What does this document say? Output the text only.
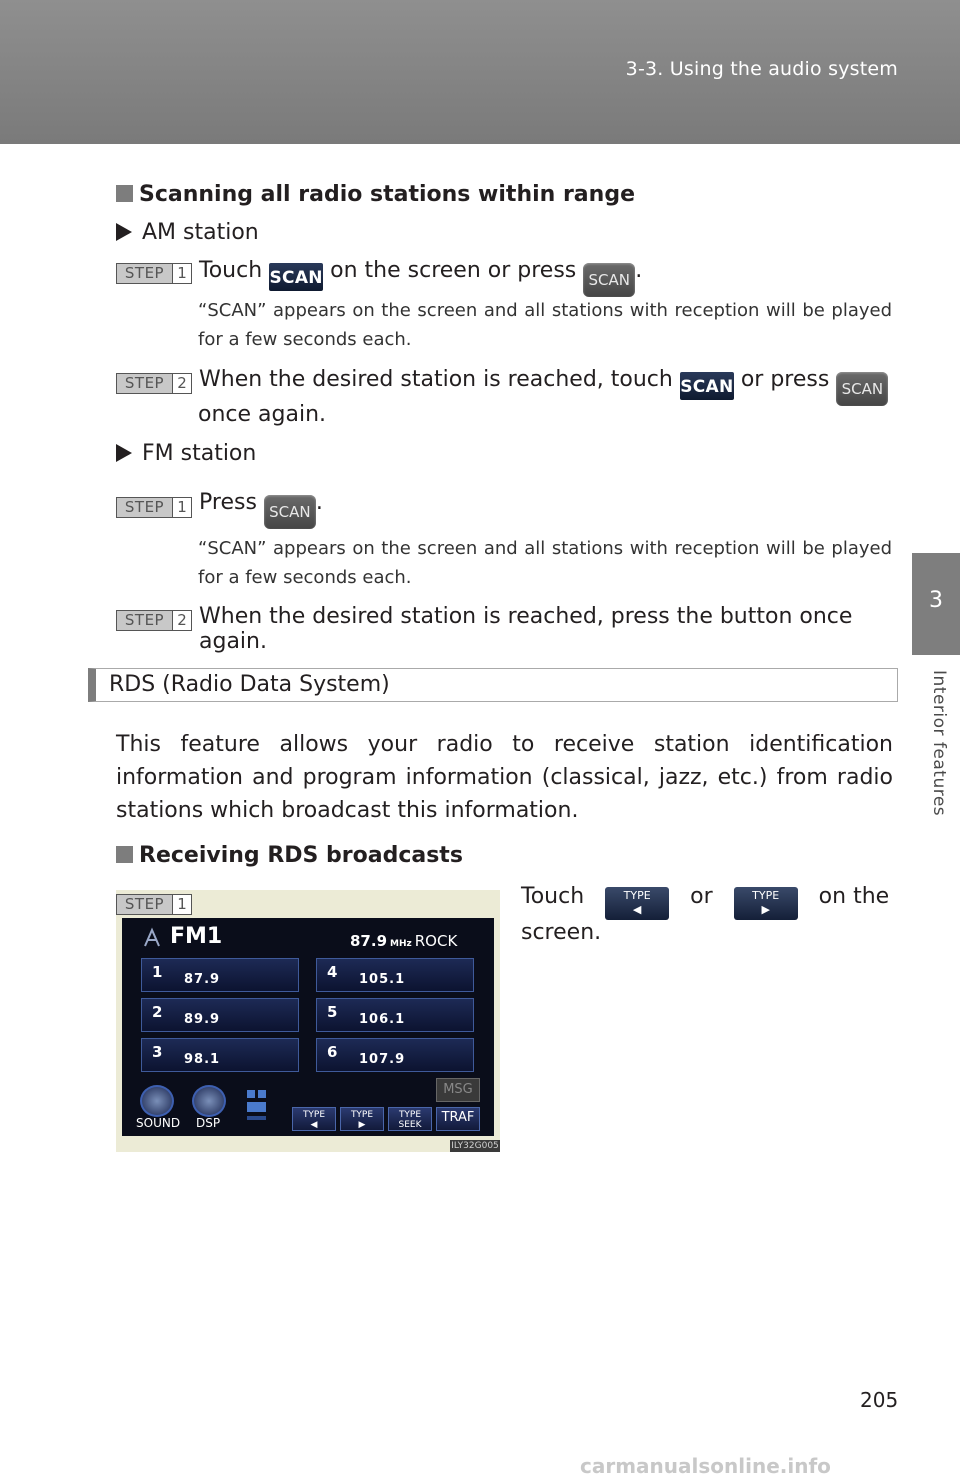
3-3. Using the audio system
3
Interior features
Scanning all radio stations within range
AM station
STEP 1 Touch SCAN on the screen or press SCAN .
“SCAN” appears on the screen and all stations with reception will be played for a few seconds each.
STEP 2 When the desired station is reached, touch SCAN or press SCAN
once again.
FM station
STEP 1 Press SCAN .
“SCAN” appears on the screen and all stations with reception will be played for a few seconds each.
STEP 2 When the desired station is reached, press the button once again.
RDS (Radio Data System)
This feature allows your radio to receive station identification information and program information (classical, jazz, etc.) from radio stations which broadcast this information.
Receiving RDS broadcasts
STEP 1
FM1	87.9 MHz ROCK
1 87.9
2 89.9
3 98.1
4 105.1
5 106.1
6 107.9
SOUND DSP
MSG
TYPE
◀
TYPE
▶
TYPE
SEEK	TRAF
ILY32G005
Touch	TYPE
◀ or	TYPE
▶ on the
screen.
205
carmanualsonline.info
